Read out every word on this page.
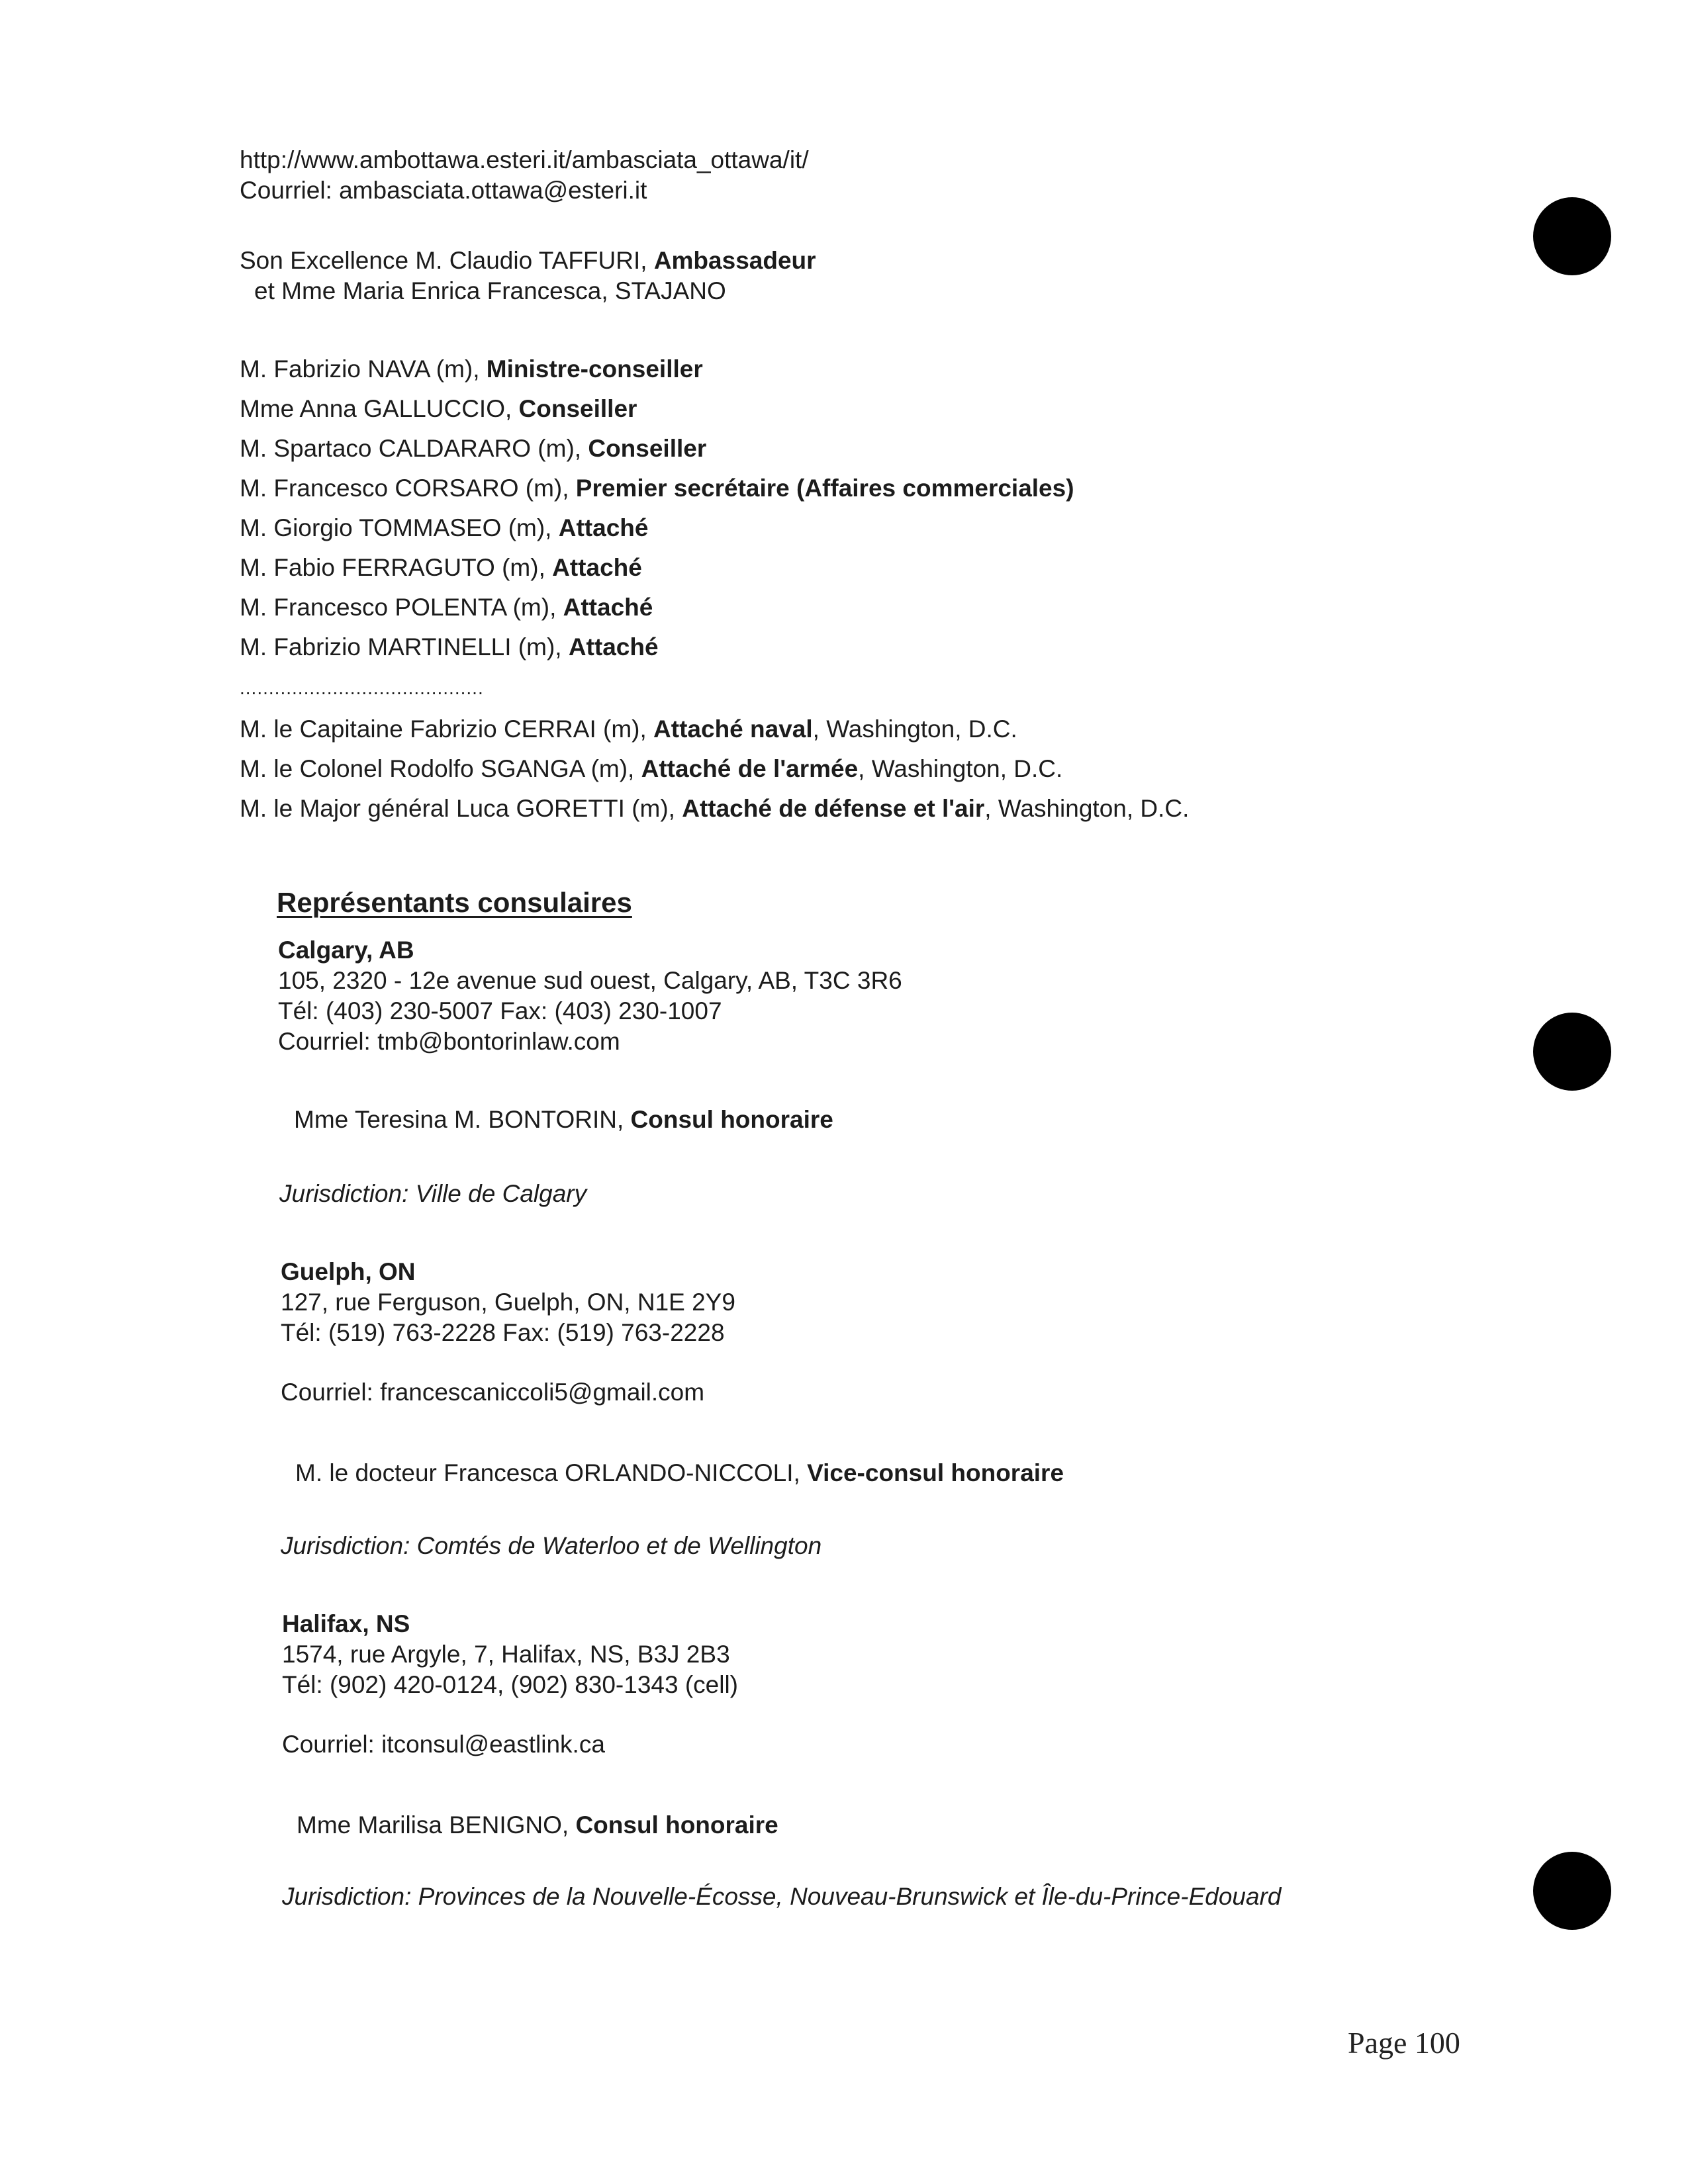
http://www.ambottawa.esteri.it/ambasciata_ottawa/it/
Courriel: ambasciata.ottawa@esteri.it
Son Excellence M. Claudio TAFFURI, Ambassadeur
et Mme Maria Enrica Francesca, STAJANO
M. Fabrizio NAVA (m), Ministre-conseiller
Mme Anna GALLUCCIO, Conseiller
M. Spartaco CALDARARO (m), Conseiller
M. Francesco CORSARO (m), Premier secrétaire (Affaires commerciales)
M. Giorgio TOMMASEO (m), Attaché
M. Fabio FERRAGUTO (m), Attaché
M. Francesco POLENTA (m), Attaché
M. Fabrizio MARTINELLI (m), Attaché
..........................................
M. le Capitaine Fabrizio CERRAI (m), Attaché naval, Washington, D.C.
M. le Colonel Rodolfo SGANGA (m), Attaché de l'armée, Washington, D.C.
M. le Major général Luca GORETTI (m), Attaché de défense et l'air, Washington, D.C.
Représentants consulaires
Calgary, AB
105, 2320 - 12e avenue sud ouest, Calgary, AB, T3C 3R6
Tél: (403) 230-5007 Fax: (403) 230-1007
Courriel: tmb@bontorinlaw.com
Mme Teresina M. BONTORIN, Consul honoraire
Jurisdiction: Ville de Calgary
Guelph, ON
127, rue Ferguson, Guelph, ON, N1E 2Y9
Tél: (519) 763-2228 Fax: (519) 763-2228
Courriel: francescaniccoli5@gmail.com
M. le docteur Francesca ORLANDO-NICCOLI, Vice-consul honoraire
Jurisdiction: Comtés de Waterloo et de Wellington
Halifax, NS
1574, rue Argyle, 7, Halifax, NS, B3J 2B3
Tél: (902) 420-0124, (902) 830-1343 (cell)
Courriel: itconsul@eastlink.ca
Mme Marilisa BENIGNO, Consul honoraire
Jurisdiction: Provinces de la Nouvelle-Écosse, Nouveau-Brunswick et Île-du-Prince-Edouard
Page 100
